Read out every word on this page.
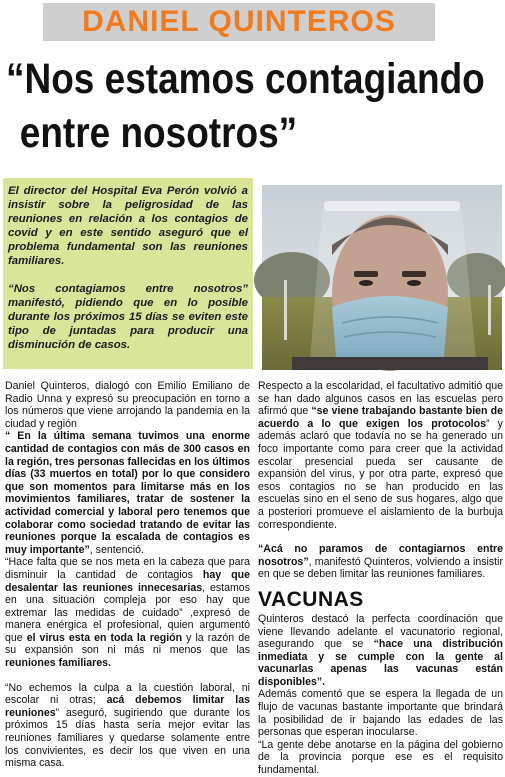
DANIEL QUINTEROS
“Nos estamos contagiando
entre nosotros”

El director del Hospital Eva Perón volvió a insistir sobre la peligrosidad de las reuniones en relación a los contagios de covid y en este sentido aseguró que el problema fundamental son las reuniones familiares.

“Nos contagiamos entre nosotros” manifestó, pidiendo que en lo posible durante los próximos 15 días se eviten este tipo de juntadas para producir una disminución de casos.

Daniel Quinteros, dialogó con Emilio Emiliano de Radio Unna y expresó su preocupación en torno a los números que viene arrojando la pandemia en la ciudad y región

“ En la última semana tuvimos una enorme cantidad de contagios con más de 300 casos en la región, tres personas fallecidas en los últimos días (33 muertos en total) por lo que considero que son momentos para limitarse más en los movimientos familiares, tratar de sostener la actividad comercial y laboral pero tenemos que colaborar como sociedad tratando de evitar las reuniones porque la escalada de contagios es muy importante”, sentenció.

“Hace falta que se nos meta en la cabeza que para disminuir la cantidad de contagios hay que desalentar las reuniones innecesarias, estamos en una situación compleja por eso hay que extremar las medidas de cuidado” ,expresó de manera enérgica el profesional, quien argumentó que el virus esta en toda la región y la razón de su expansión son ni más ni menos que las reuniones familiares.

“No echemos la culpa a la cuestión laboral, ni escolar ni otras; acá debemos limitar las reuniones” aseguró, sugiriendo que durante los próximos 15 días hasta sería mejor evitar las reuniones familiares y quedarse solamente entre los convivientes, es decir los que viven en una misma casa.

Respecto a la escolaridad, el facultativo admitió que se han dado algunos casos en las escuelas pero afirmó que “se viene trabajando bastante bien de acuerdo a lo que exigen los protocolos” y además aclaró que todavía no se ha generado un foco importante como para creer que la actividad escolar presencial pueda ser causante de expansión del virus, y por otra parte, expresó que esos contagios no se han producido en las escuelas sino en el seno de sus hogares, algo que a posteriori promueve el aislamiento de la burbuja correspondiente.

“Acá no paramos de contagiarnos entre nosotros”, manifestó Quinteros, volviendo a insistir en que se deben limitar las reuniones familiares.

VACUNAS

Quinteros destacó la perfecta coordinación que viene llevando adelante el vacunatorio regional, asegurando que se “hace una distribución inmediata y se cumple con la gente al vacunarlas apenas las vacunas están disponibles”.

Además comentó que se espera la llegada de un flujo de vacunas bastante importante que brindará la posibilidad de ir bajando las edades de las personas que esperan inocularse.

“La gente debe anotarse en la página del gobierno de la provincia porque ese es el requisito fundamental.
